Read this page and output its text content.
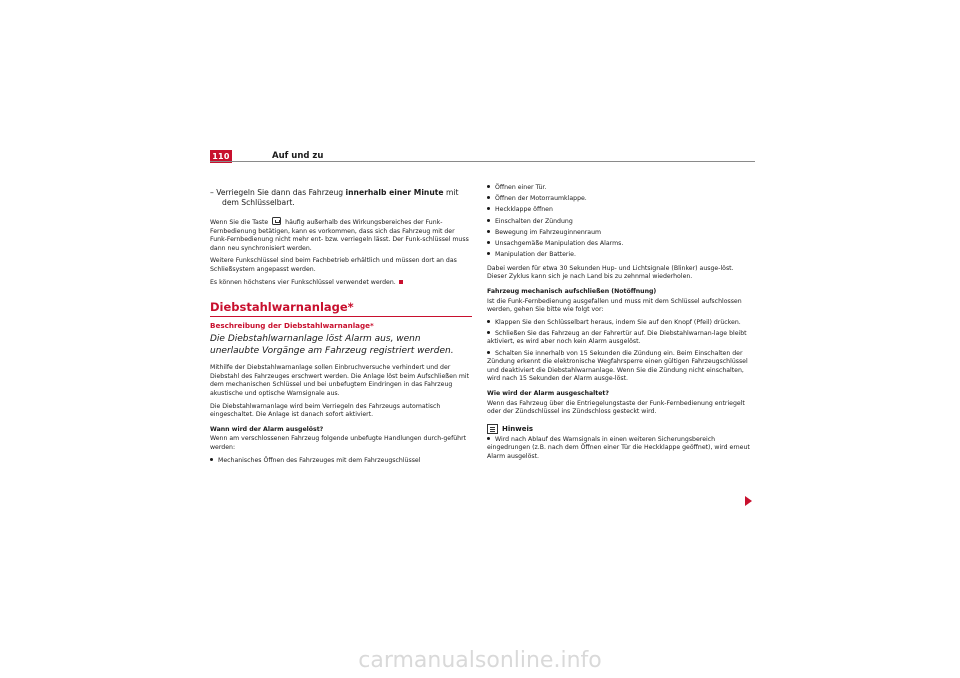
110	Auf und zu
– Verriegeln Sie dann das Fahrzeug innerhalb einer Minute mit dem Schlüsselbart.

Wenn Sie die Taste	häufig außerhalb des Wirkungsbereiches der Funk-Fernbedienung betätigen, kann es vorkommen, dass sich das Fahrzeug mit der Funk-Fernbedienung nicht mehr ent- bzw. verriegeln lässt. Der Funk-schlüssel muss dann neu synchronisiert werden.

Weitere Funkschlüssel sind beim Fachbetrieb erhältlich und müssen dort an das Schließsystem angepasst werden.

Es können höchstens vier Funkschlüssel verwendet werden.

Diebstahlwarnanlage*
Beschreibung der Diebstahlwarnanlage*
Die Diebstahlwarnanlage löst Alarm aus, wenn unerlaubte Vorgänge am Fahrzeug registriert werden.

Mithilfe der Diebstahlwarnanlage sollen Einbruchversuche verhindert und der Diebstahl des Fahrzeuges erschwert werden. Die Anlage löst beim Aufschließen mit dem mechanischen Schlüssel und bei unbefugtem Eindringen in das Fahrzeug akustische und optische Warnsignale aus.

Die Diebstahlwarnanlage wird beim Verriegeln des Fahrzeugs automatisch eingeschaltet. Die Anlage ist danach sofort aktiviert.

Wann wird der Alarm ausgelöst?

Wenn am verschlossenen Fahrzeug folgende unbefugte Handlungen durch-geführt werden:

Mechanisches Öffnen des Fahrzeuges mit dem Fahrzeugschlüssel
Öffnen einer Tür.
Öffnen der Motorraumklappe.
Heckklappe öffnen
Einschalten der Zündung
Bewegung im Fahrzeuginnenraum
Unsachgemäße Manipulation des Alarms.
Manipulation der Batterie.

Dabei werden für etwa 30 Sekunden Hup- und Lichtsignale (Blinker) ausge-löst. Dieser Zyklus kann sich je nach Land bis zu zehnmal wiederholen.

Fahrzeug mechanisch aufschließen (Notöffnung)

Ist die Funk-Fernbedienung ausgefallen und muss mit dem Schlüssel aufschlossen werden, gehen Sie bitte wie folgt vor:

Klappen Sie den Schlüsselbart heraus, indem Sie auf den Knopf (Pfeil) drücken.
Schließen Sie das Fahrzeug an der Fahrertür auf. Die Diebstahlwarnan-lage bleibt aktiviert, es wird aber noch kein Alarm ausgelöst.
Schalten Sie innerhalb von 15 Sekunden die Zündung ein. Beim Einschalten der Zündung erkennt die elektronische Wegfahrsperre einen gültigen Fahrzeugschlüssel und deaktiviert die Diebstahlwarnanlage. Wenn Sie die Zündung nicht einschalten, wird nach 15 Sekunden der Alarm ausge-löst.
Wie wird der Alarm ausgeschaltet?

Wenn das Fahrzeug über die Entriegelungstaste der Funk-Fernbedienung entriegelt oder der Zündschlüssel ins Zündschloss gesteckt wird.

Hinweis
Wird nach Ablauf des Warnsignals in einen weiteren Sicherungsbereich eingedrungen (z.B. nach dem Öffnen einer Tür die Heckklappe geöffnet), wird erneut Alarm ausgelöst.
carmanualsonline.info
